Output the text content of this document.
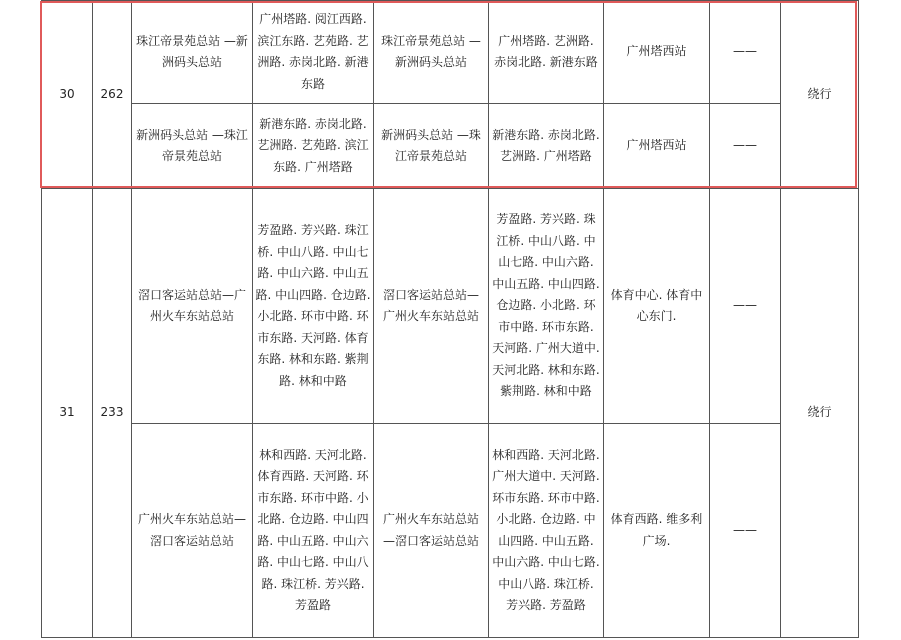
30	262	珠江帝景苑总站 —新洲码头总站	广州塔路. 阅江西路. 滨江东路. 艺苑路. 艺洲路. 赤岗北路. 新港东路	珠江帝景苑总站 —新洲码头总站	广州塔路. 艺洲路. 赤岗北路. 新港东路	广州塔西站	——	绕行
		新洲码头总站 —珠江帝景苑总站	新港东路. 赤岗北路. 艺洲路. 艺苑路. 滨江东路. 广州塔路	新洲码头总站 —珠江帝景苑总站	新港东路. 赤岗北路. 艺洲路. 广州塔路	广州塔西站	——	
31	233	滘口客运站总站—广州火车东站总站	芳盈路. 芳兴路. 珠江桥. 中山八路. 中山七路. 中山六路. 中山五路. 中山四路. 仓边路. 小北路. 环市中路. 环市东路. 天河路. 体育东路. 林和东路. 紫荆路. 林和中路	滘口客运站总站—广州火车东站总站	芳盈路. 芳兴路. 珠江桥. 中山八路. 中山七路. 中山六路. 中山五路. 中山四路. 仓边路. 小北路. 环市中路. 环市东路. 天河路. 广州大道中. 天河北路. 林和东路. 紫荆路. 林和中路	体育中心. 体育中心东门.	——	绕行
		广州火车东站总站—滘口客运站总站	林和西路. 天河北路. 体育西路. 天河路. 环市东路. 环市中路. 小北路. 仓边路. 中山四路. 中山五路. 中山六路. 中山七路. 中山八路. 珠江桥. 芳兴路. 芳盈路	广州火车东站总站—滘口客运站总站	林和西路. 天河北路. 广州大道中. 天河路. 环市东路. 环市中路. 小北路. 仓边路. 中山四路. 中山五路. 中山六路. 中山七路. 中山八路. 珠江桥. 芳兴路. 芳盈路	体育西路. 维多利广场.	——	
